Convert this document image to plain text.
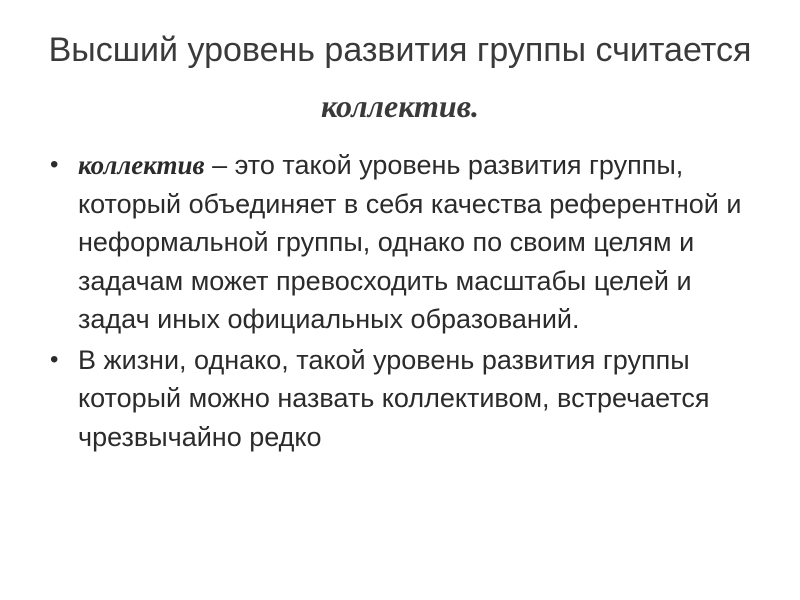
Высший уровень развития группы считается
коллектив.
• коллектив – это такой уровень развития группы, который объединяет в себя качества референтной и неформальной группы, однако по своим целям и задачам может превосходить масштабы целей и задач иных официальных образований.
• В жизни, однако, такой уровень развития группы который можно назвать коллективом, встречается чрезвычайно редко
